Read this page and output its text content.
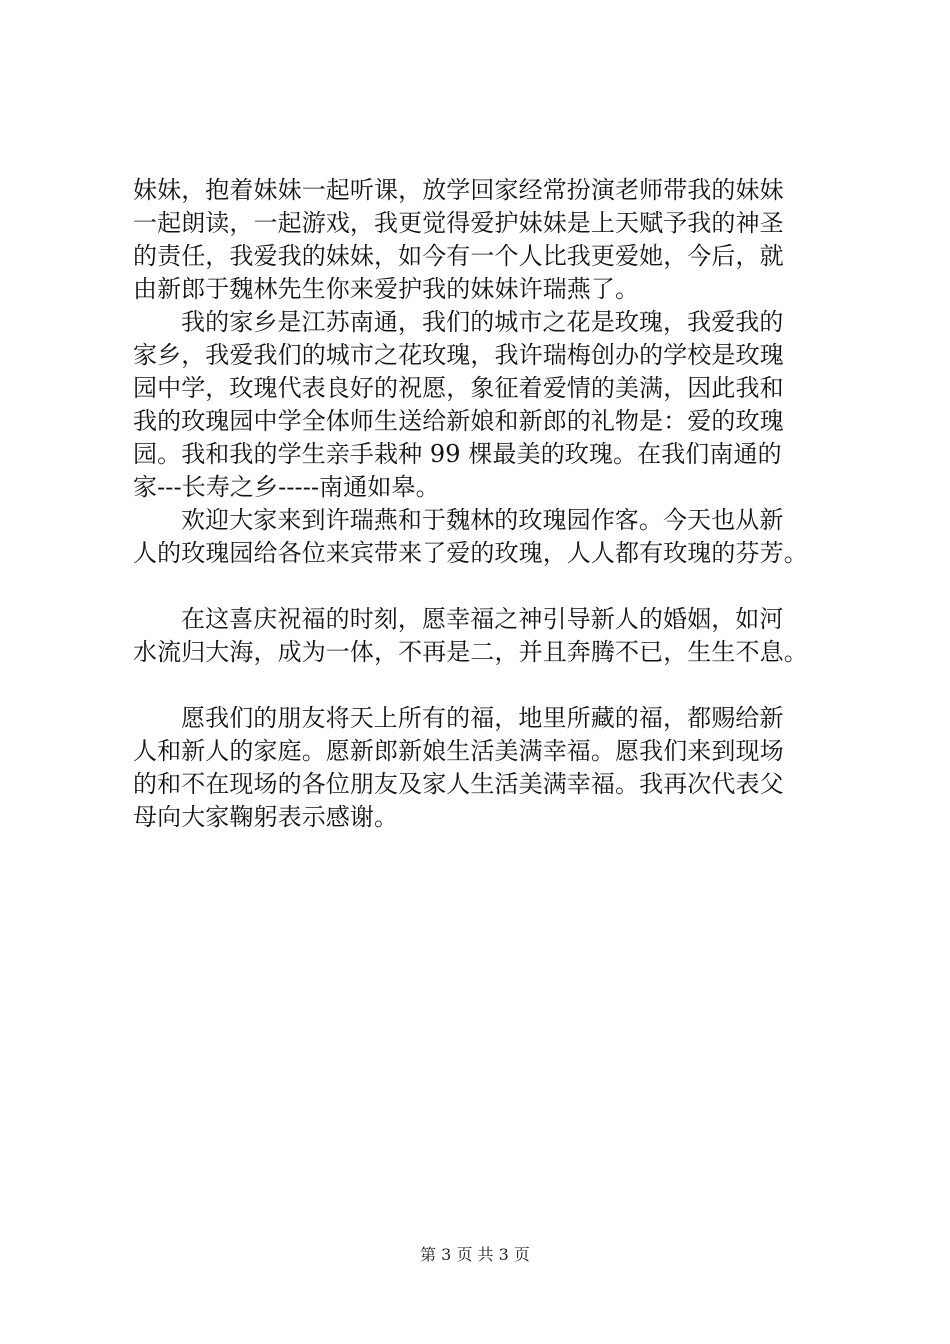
妹妹，抱着妹妹一起听课，放学回家经常扮演老师带我的妹妹
一起朗读，一起游戏，我更觉得爱护妹妹是上天赋予我的神圣
的责任，我爱我的妹妹，如今有一个人比我更爱她，今后，就
由新郎于魏林先生你来爱护我的妹妹许瑞燕了。
我的家乡是江苏南通，我们的城市之花是玫瑰，我爱我的
家乡，我爱我们的城市之花玫瑰，我许瑞梅创办的学校是玫瑰
园中学，玫瑰代表良好的祝愿，象征着爱情的美满，因此我和
我的玫瑰园中学全体师生送给新娘和新郎的礼物是：爱的玫瑰
园。我和我的学生亲手栽种 99 棵最美的玫瑰。在我们南通的
家---长寿之乡-----南通如皋。
欢迎大家来到许瑞燕和于魏林的玫瑰园作客。今天也从新
人的玫瑰园给各位来宾带来了爱的玫瑰，人人都有玫瑰的芬芳。
在这喜庆祝福的时刻，愿幸福之神引导新人的婚姻，如河
水流归大海，成为一体，不再是二，并且奔腾不已，生生不息。
愿我们的朋友将天上所有的福，地里所藏的福，都赐给新
人和新人的家庭。愿新郎新娘生活美满幸福。愿我们来到现场
的和不在现场的各位朋友及家人生活美满幸福。我再次代表父
母向大家鞠躬表示感谢。
第 3 页 共 3 页
